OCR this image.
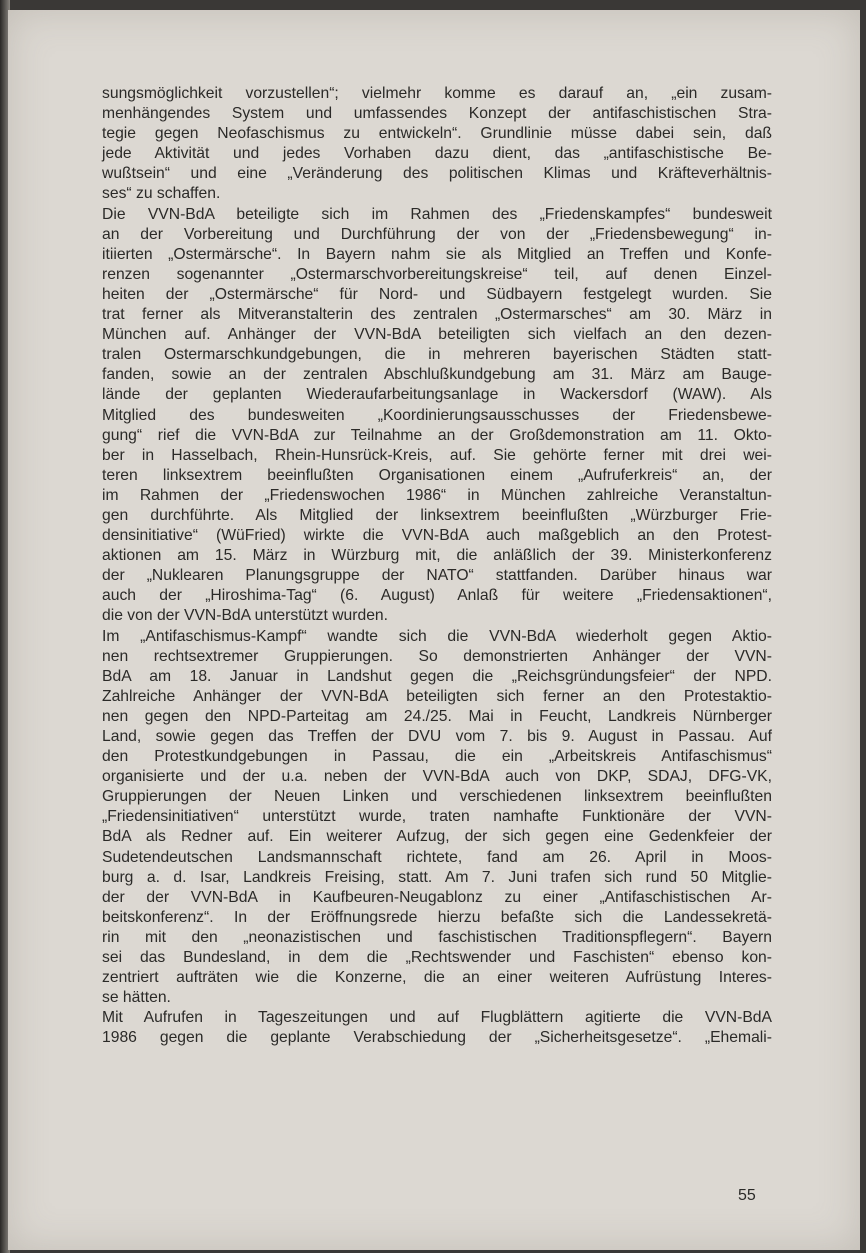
sungsmöglichkeit vorzustellen“; vielmehr komme es darauf an, „ein zusam-
menhängendes System und umfassendes Konzept der antifaschistischen Stra-
tegie gegen Neofaschismus zu entwickeln“. Grundlinie müsse dabei sein, daß
jede Aktivität und jedes Vorhaben dazu dient, das „antifaschistische Be-
wußtsein“ und eine „Veränderung des politischen Klimas und Kräfteverhältnis-
ses“ zu schaffen.
Die VVN-BdA beteiligte sich im Rahmen des „Friedenskampfes“ bundesweit
an der Vorbereitung und Durchführung der von der „Friedensbewegung“ in-
itiierten „Ostermärsche“. In Bayern nahm sie als Mitglied an Treffen und Konfe-
renzen sogenannter „Ostermarschvorbereitungskreise“ teil, auf denen Einzel-
heiten der „Ostermärsche“ für Nord- und Südbayern festgelegt wurden. Sie
trat ferner als Mitveranstalterin des zentralen „Ostermarsches“ am 30. März in
München auf. Anhänger der VVN-BdA beteiligten sich vielfach an den dezen-
tralen Ostermarschkundgebungen, die in mehreren bayerischen Städten statt-
fanden, sowie an der zentralen Abschlußkundgebung am 31. März am Bauge-
lände der geplanten Wiederaufarbeitungsanlage in Wackersdorf (WAW). Als
Mitglied des bundesweiten „Koordinierungsausschusses der Friedensbewe-
gung“ rief die VVN-BdA zur Teilnahme an der Großdemonstration am 11. Okto-
ber in Hasselbach, Rhein-Hunsrück-Kreis, auf. Sie gehörte ferner mit drei wei-
teren linksextrem beeinflußten Organisationen einem „Aufruferkreis“ an, der
im Rahmen der „Friedenswochen 1986“ in München zahlreiche Veranstaltun-
gen durchführte. Als Mitglied der linksextrem beeinflußten „Würzburger Frie-
densinitiative“ (WüFried) wirkte die VVN-BdA auch maßgeblich an den Protest-
aktionen am 15. März in Würzburg mit, die anläßlich der 39. Ministerkonferenz
der „Nuklearen Planungsgruppe der NATO“ stattfanden. Darüber hinaus war
auch der „Hiroshima-Tag“ (6. August) Anlaß für weitere „Friedensaktionen“,
die von der VVN-BdA unterstützt wurden.
Im „Antifaschismus-Kampf“ wandte sich die VVN-BdA wiederholt gegen Aktio-
nen rechtsextremer Gruppierungen. So demonstrierten Anhänger der VVN-
BdA am 18. Januar in Landshut gegen die „Reichsgründungsfeier“ der NPD.
Zahlreiche Anhänger der VVN-BdA beteiligten sich ferner an den Protestaktio-
nen gegen den NPD-Parteitag am 24./25. Mai in Feucht, Landkreis Nürnberger
Land, sowie gegen das Treffen der DVU vom 7. bis 9. August in Passau. Auf
den Protestkundgebungen in Passau, die ein „Arbeitskreis Antifaschismus“
organisierte und der u.a. neben der VVN-BdA auch von DKP, SDAJ, DFG-VK,
Gruppierungen der Neuen Linken und verschiedenen linksextrem beeinflußten
„Friedensinitiativen“ unterstützt wurde, traten namhafte Funktionäre der VVN-
BdA als Redner auf. Ein weiterer Aufzug, der sich gegen eine Gedenkfeier der
Sudetendeutschen Landsmannschaft richtete, fand am 26. April in Moos-
burg a. d. Isar, Landkreis Freising, statt. Am 7. Juni trafen sich rund 50 Mitglie-
der der VVN-BdA in Kaufbeuren-Neugablonz zu einer „Antifaschistischen Ar-
beitskonferenz“. In der Eröffnungsrede hierzu befaßte sich die Landessekretä-
rin mit den „neonazistischen und faschistischen Traditionspflegern“. Bayern
sei das Bundesland, in dem die „Rechtswender und Faschisten“ ebenso kon-
zentriert aufträten wie die Konzerne, die an einer weiteren Aufrüstung Interes-
se hätten.
Mit Aufrufen in Tageszeitungen und auf Flugblättern agitierte die VVN-BdA
1986 gegen die geplante Verabschiedung der „Sicherheitsgesetze“. „Ehemali-
55
